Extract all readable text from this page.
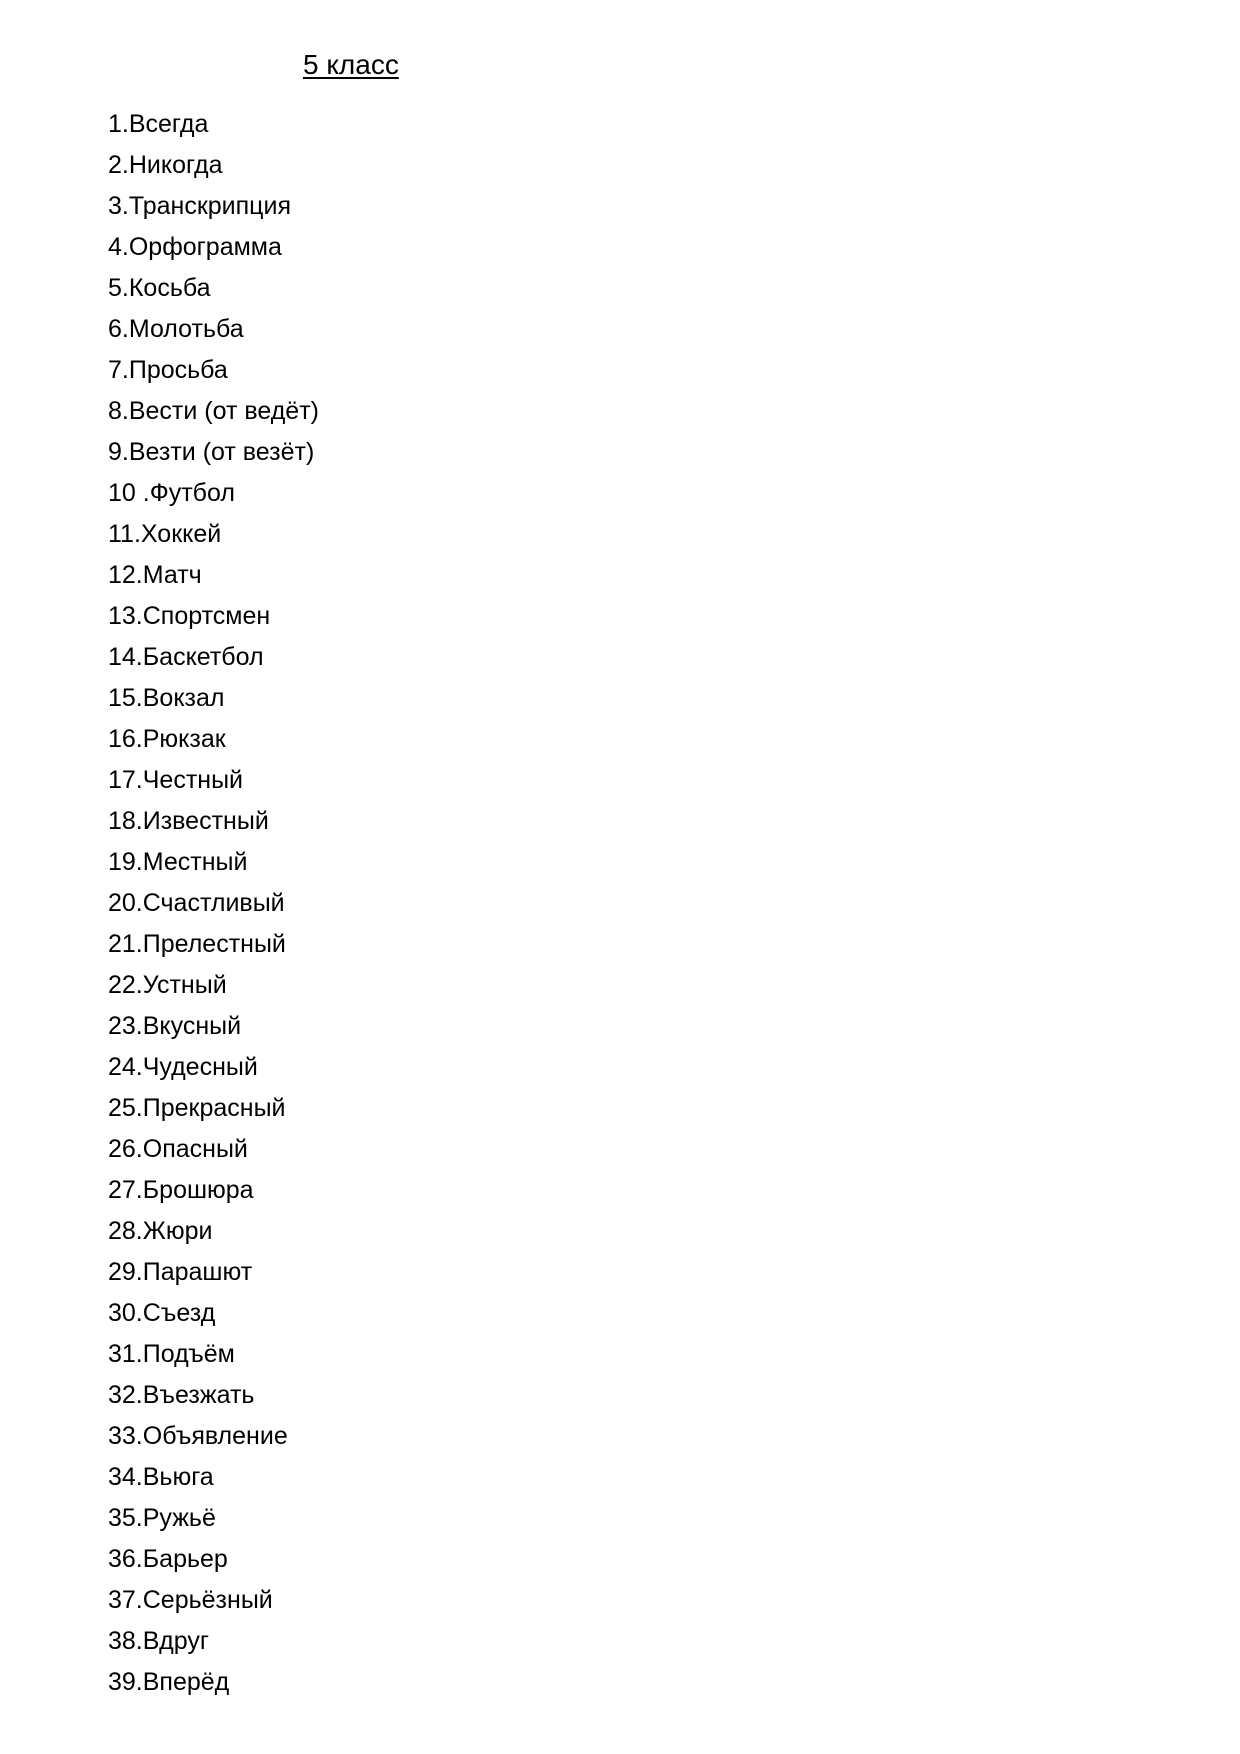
5 класс
1.Всегда
2.Никогда
3.Транскрипция
4.Орфограмма
5.Косьба
6.Молотьба
7.Просьба
8.Вести (от ведёт)
9.Везти (от везёт)
10 .Футбол
11.Хоккей
12.Матч
13.Спортсмен
14.Баскетбол
15.Вокзал
16.Рюкзак
17.Честный
18.Известный
19.Местный
20.Счастливый
21.Прелестный
22.Устный
23.Вкусный
24.Чудесный
25.Прекрасный
26.Опасный
27.Брошюра
28.Жюри
29.Парашют
30.Съезд
31.Подъём
32.Въезжать
33.Объявление
34.Вьюга
35.Ружьё
36.Барьер
37.Серьёзный
38.Вдруг
39.Вперёд
